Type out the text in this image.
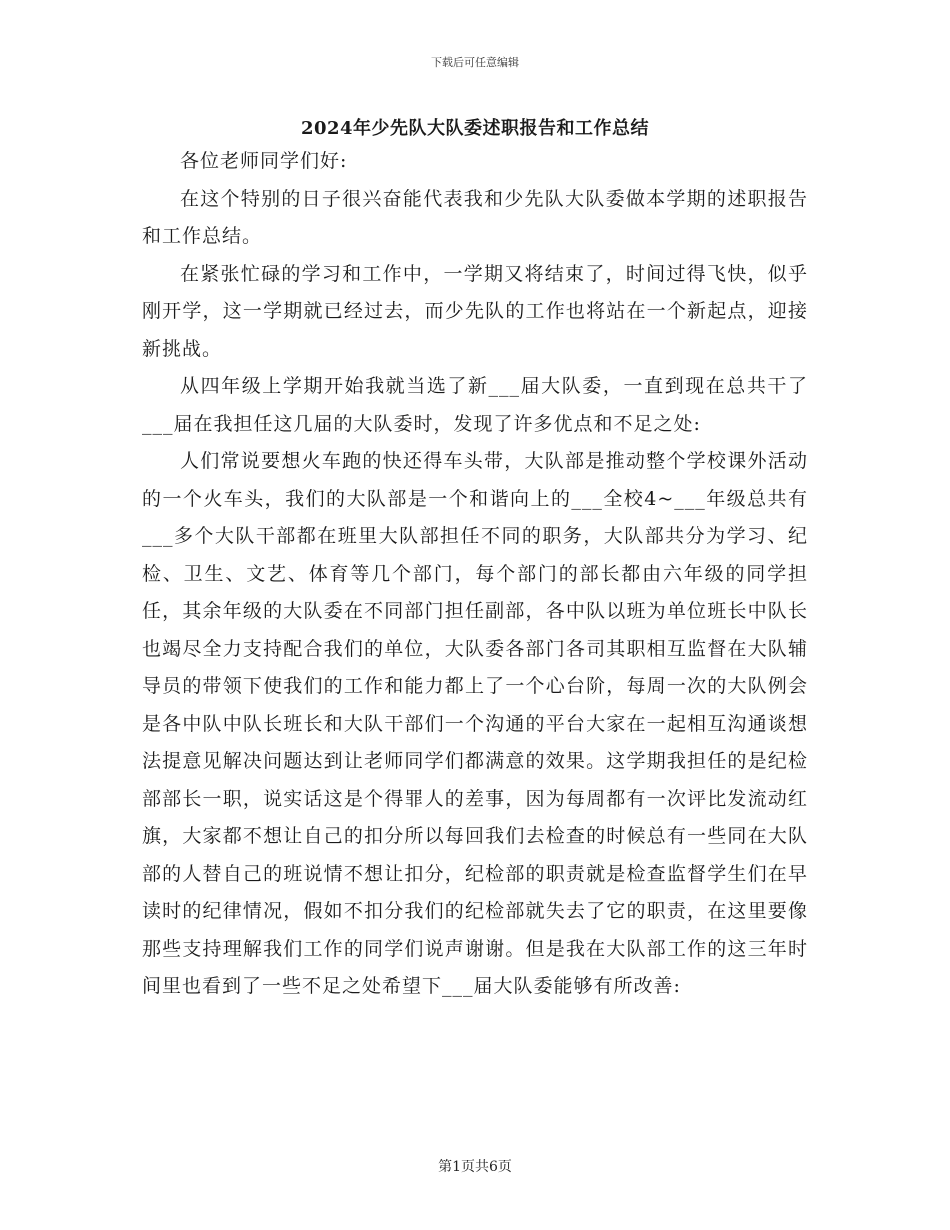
下载后可任意编辑
2024年少先队大队委述职报告和工作总结

各位老师同学们好:

在这个特别的日子很兴奋能代表我和少先队大队委做本学期的述职报告和工作总结。

在紧张忙碌的学习和工作中，一学期又将结束了，时间过得飞快，似乎刚开学，这一学期就已经过去，而少先队的工作也将站在一个新起点，迎接新挑战。

从四年级上学期开始我就当选了新___届大队委，一直到现在总共干了___届在我担任这几届的大队委时，发现了许多优点和不足之处:

人们常说要想火车跑的快还得车头带，大队部是推动整个学校课外活动的一个火车头，我们的大队部是一个和谐向上的___全校4~___年级总共有___多个大队干部都在班里大队部担任不同的职务，大队部共分为学习、纪检、卫生、文艺、体育等几个部门，每个部门的部长都由六年级的同学担任，其余年级的大队委在不同部门担任副部，各中队以班为单位班长中队长也竭尽全力支持配合我们的单位，大队委各部门各司其职相互监督在大队辅导员的带领下使我们的工作和能力都上了一个心台阶，每周一次的大队例会是各中队中队长班长和大队干部们一个沟通的平台大家在一起相互沟通谈想法提意见解决问题达到让老师同学们都满意的效果。这学期我担任的是纪检部部长一职，说实话这是个得罪人的差事，因为每周都有一次评比发流动红旗，大家都不想让自己的扣分所以每回我们去检查的时候总有一些同在大队部的人替自己的班说情不想让扣分，纪检部的职责就是检查监督学生们在早读时的纪律情况，假如不扣分我们的纪检部就失去了它的职责，在这里要像那些支持理解我们工作的同学们说声谢谢。但是我在大队部工作的这三年时间里也看到了一些不足之处希望下___届大队委能够有所改善:

第1页共6页
